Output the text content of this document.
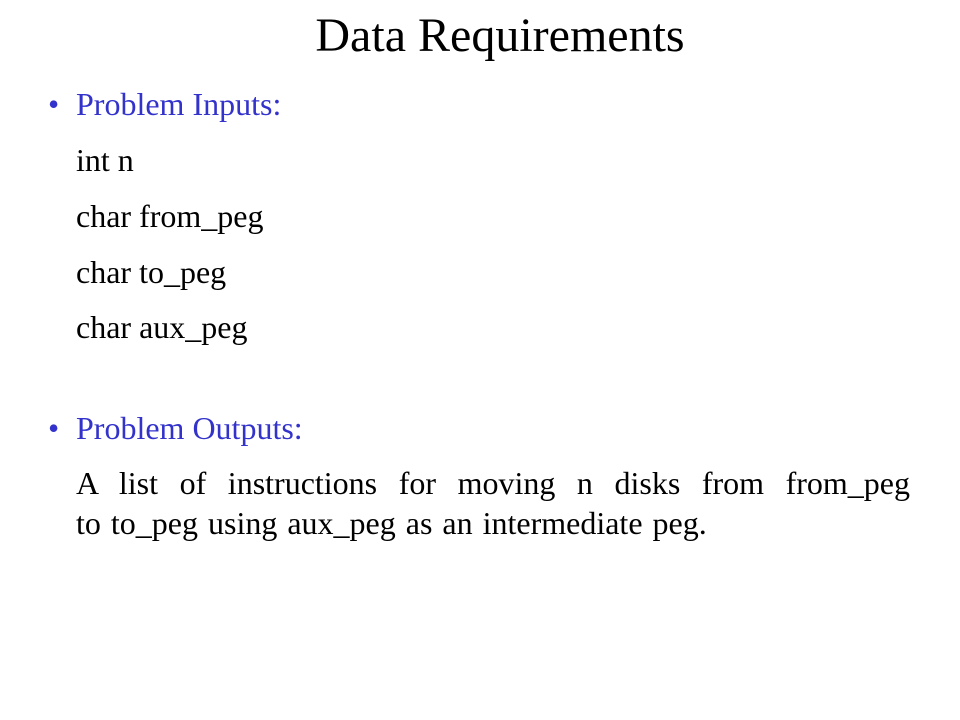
Data Requirements
• Problem Inputs:
int n
char from_peg
char to_peg
char aux_peg
• Problem Outputs:
A list of instructions for moving n disks from from_peg
to to_peg using aux_peg as an intermediate peg.
